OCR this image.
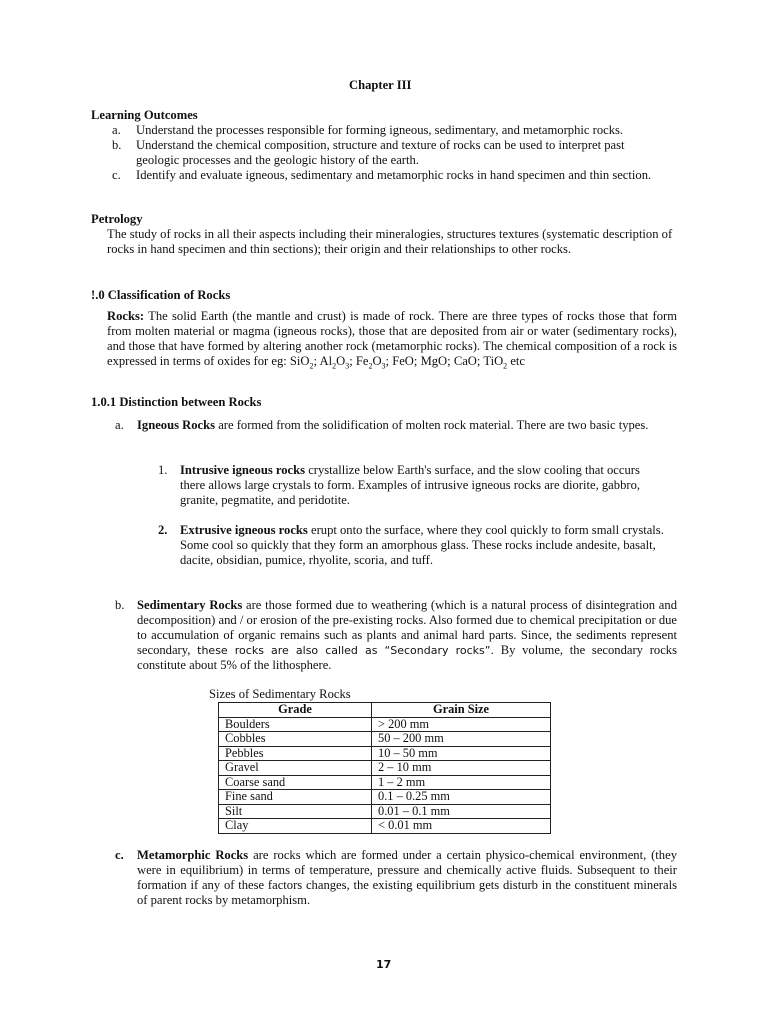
Chapter III
Learning Outcomes
a.	Understand the processes responsible for forming igneous, sedimentary, and metamorphic rocks.
b.	Understand the chemical composition, structure and texture of rocks can be used to interpret past geologic processes and the geologic history of the earth.
c.	Identify and evaluate igneous, sedimentary and metamorphic rocks in hand specimen and thin section.
Petrology
The study of rocks in all their aspects including their mineralogies, structures textures (systematic description of rocks in hand specimen and thin sections); their origin and their relationships to other rocks.
!.0 Classification of Rocks
Rocks: The solid Earth (the mantle and crust) is made of rock. There are three types of rocks those that form from molten material or magma (igneous rocks), those that are deposited from air or water (sedimentary rocks), and those that have formed by altering another rock (metamorphic rocks). The chemical composition of a rock is expressed in terms of oxides for eg: SiO$_2$; $Al_2O_3$; $Fe_2O_3$; FeO; MgO; CaO; TiO$_2$ etc
1.0.1 Distinction between Rocks
a.	Igneous Rocks are formed from the solidification of molten rock material. There are two basic types.
1. Intrusive igneous rocks crystallize below Earth's surface, and the slow cooling that occurs there allows large crystals to form. Examples of intrusive igneous rocks are diorite, gabbro, granite, pegmatite, and peridotite.
2. Extrusive igneous rocks erupt onto the surface, where they cool quickly to form small crystals. Some cool so quickly that they form an amorphous glass. These rocks include andesite, basalt, dacite, obsidian, pumice, rhyolite, scoria, and tuff.
b. Sedimentary Rocks are those formed due to weathering (which is a natural process of disintegration and decomposition) and / or erosion of the pre-existing rocks. Also formed due to chemical precipitation or due to accumulation of organic remains such as plants and animal hard parts. Since, the sediments represent secondary, these rocks are also called as “Secondary rocks”. By volume, the secondary rocks constitute about 5% of the lithosphere.
Sizes of Sedimentary Rocks
Grade	Grain Size
Boulders	> 200 mm
Cobbles	50 – 200 mm
Pebbles	10 – 50 mm
Gravel	2 – 10 mm
Coarse sand	1 – 2 mm
Fine sand	0.1 – 0.25 mm
Silt	0.01 – 0.1 mm
Clay	< 0.01 mm
c.	Metamorphic Rocks are rocks which are formed under a certain physico-chemical environment, (they were in equilibrium) in terms of temperature, pressure and chemically active fluids. Subsequent to their formation if any of these factors changes, the existing equilibrium gets disturb in the constituent minerals of parent rocks by metamorphism.
17
